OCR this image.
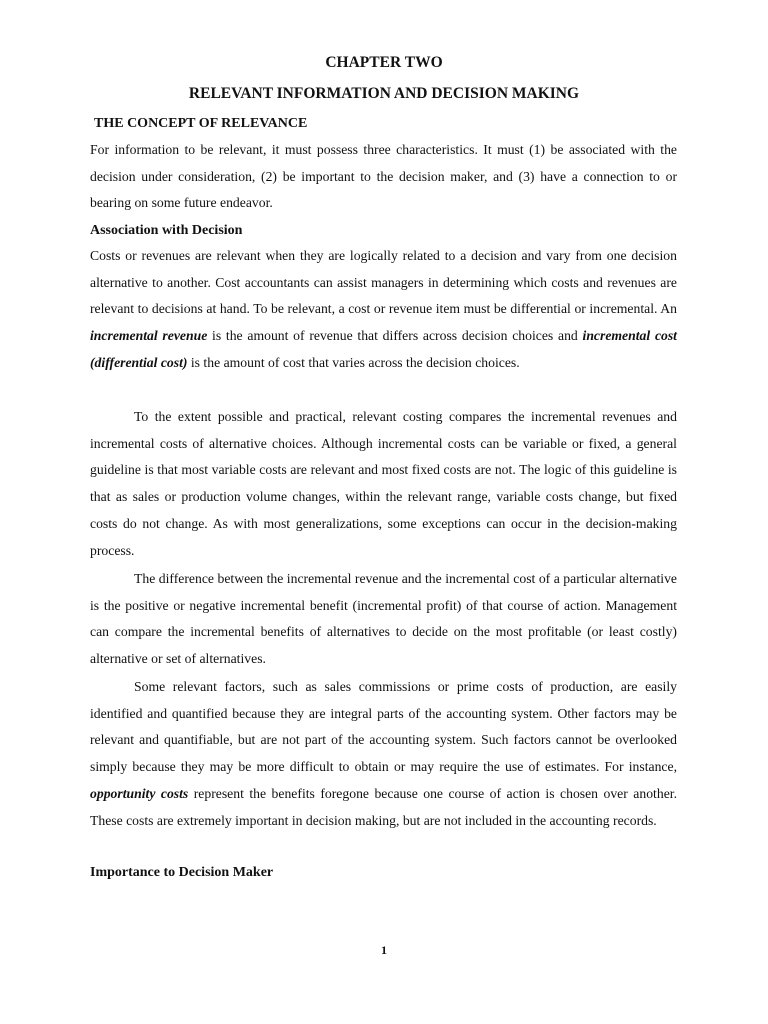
CHAPTER TWO
RELEVANT INFORMATION AND DECISION MAKING
THE CONCEPT OF RELEVANCE

For information to be relevant, it must possess three characteristics. It must (1) be associated with the decision under consideration, (2) be important to the decision maker, and (3) have a connection to or bearing on some future endeavor.

Association with Decision

Costs or revenues are relevant when they are logically related to a decision and vary from one decision alternative to another. Cost accountants can assist managers in determining which costs and revenues are relevant to decisions at hand. To be relevant, a cost or revenue item must be differential or incremental. An incremental revenue is the amount of revenue that differs across decision choices and incremental cost (differential cost) is the amount of cost that varies across the decision choices.

To the extent possible and practical, relevant costing compares the incremental revenues and incremental costs of alternative choices. Although incremental costs can be variable or fixed, a general guideline is that most variable costs are relevant and most fixed costs are not. The logic of this guideline is that as sales or production volume changes, within the relevant range, variable costs change, but fixed costs do not change. As with most generalizations, some exceptions can occur in the decision-making process.

The difference between the incremental revenue and the incremental cost of a particular alternative is the positive or negative incremental benefit (incremental profit) of that course of action. Management can compare the incremental benefits of alternatives to decide on the most profitable (or least costly) alternative or set of alternatives.

Some relevant factors, such as sales commissions or prime costs of production, are easily identified and quantified because they are integral parts of the accounting system. Other factors may be relevant and quantifiable, but are not part of the accounting system. Such factors cannot be overlooked simply because they may be more difficult to obtain or may require the use of estimates. For instance, opportunity costs represent the benefits foregone because one course of action is chosen over another. These costs are extremely important in decision making, but are not included in the accounting records.

Importance to Decision Maker
1
